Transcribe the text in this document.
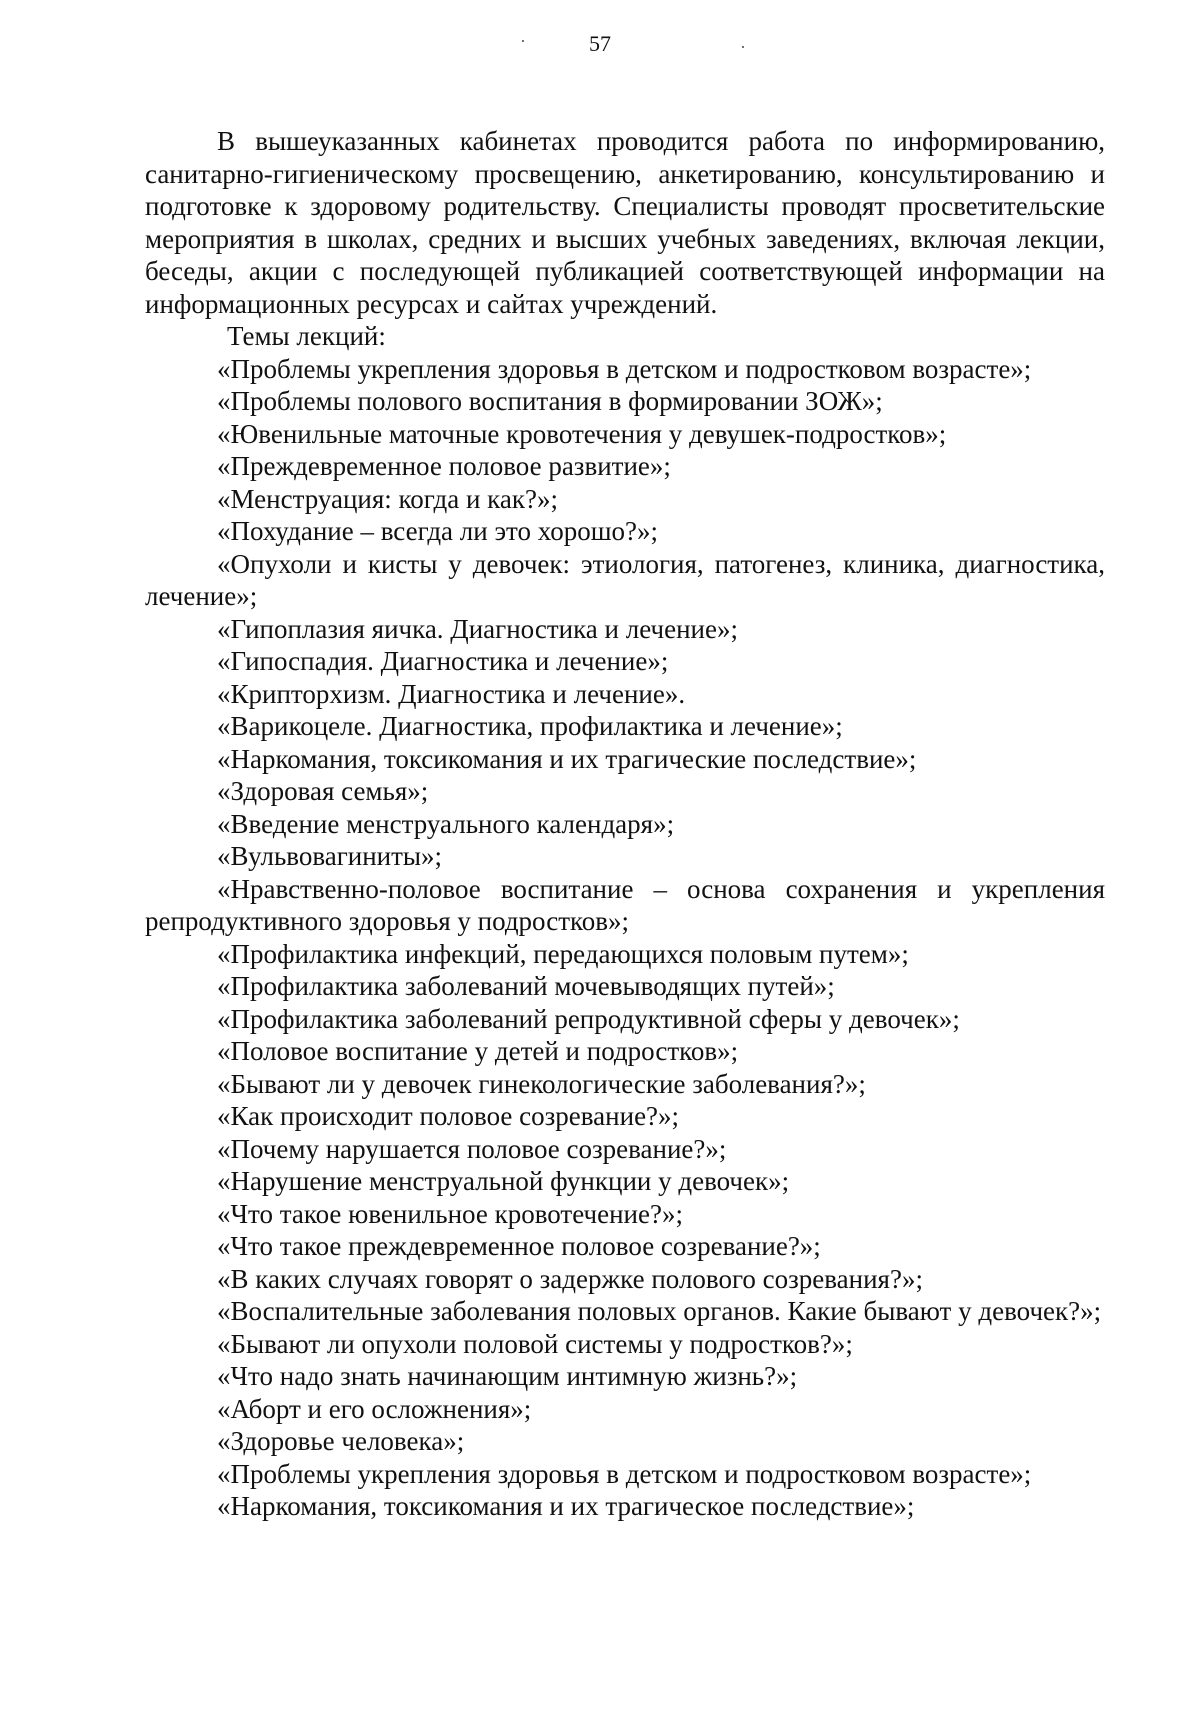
57

В вышеуказанных кабинетах проводится работа по информированию, санитарно-гигиеническому просвещению, анкетированию, консультированию и подготовке к здоровому родительству. Специалисты проводят просветительские мероприятия в школах, средних и высших учебных заведениях, включая лекции, беседы, акции с последующей публикацией соответствующей информации на информационных ресурсах и сайтах учреждений.

Темы лекций:

«Проблемы укрепления здоровья в детском и подростковом возрасте»;
«Проблемы полового воспитания в формировании ЗОЖ»;
«Ювенильные маточные кровотечения у девушек-подростков»;
«Преждевременное половое развитие»;
«Менструация: когда и как?»;
«Похудание – всегда ли это хорошо?»;
«Опухоли и кисты у девочек: этиология, патогенез, клиника, диагностика, лечение»;
«Гипоплазия яичка. Диагностика и лечение»;
«Гипоспадия. Диагностика и лечение»;
«Крипторхизм. Диагностика и лечение».
«Варикоцеле. Диагностика, профилактика и лечение»;
«Наркомания, токсикомания и их трагические последствие»;
«Здоровая семья»;
«Введение менструального календаря»;
«Вульвовагиниты»;
«Нравственно-половое воспитание – основа сохранения и укрепления репродуктивного здоровья у подростков»;
«Профилактика инфекций, передающихся половым путем»;
«Профилактика заболеваний мочевыводящих путей»;
«Профилактика заболеваний репродуктивной сферы у девочек»;
«Половое воспитание у детей и подростков»;
«Бывают ли у девочек гинекологические заболевания?»;
«Как происходит половое созревание?»;
«Почему нарушается половое созревание?»;
«Нарушение менструальной функции у девочек»;
«Что такое ювенильное кровотечение?»;
«Что такое преждевременное половое созревание?»;
«В каких случаях говорят о задержке полового созревания?»;
«Воспалительные заболевания половых органов. Какие бывают у девочек?»;
«Бывают ли опухоли половой системы у подростков?»;
«Что надо знать начинающим интимную жизнь?»;
«Аборт и его осложнения»;
«Здоровье человека»;
«Проблемы укрепления здоровья в детском и подростковом возрасте»;
«Наркомания, токсикомания и их трагическое последствие»;
